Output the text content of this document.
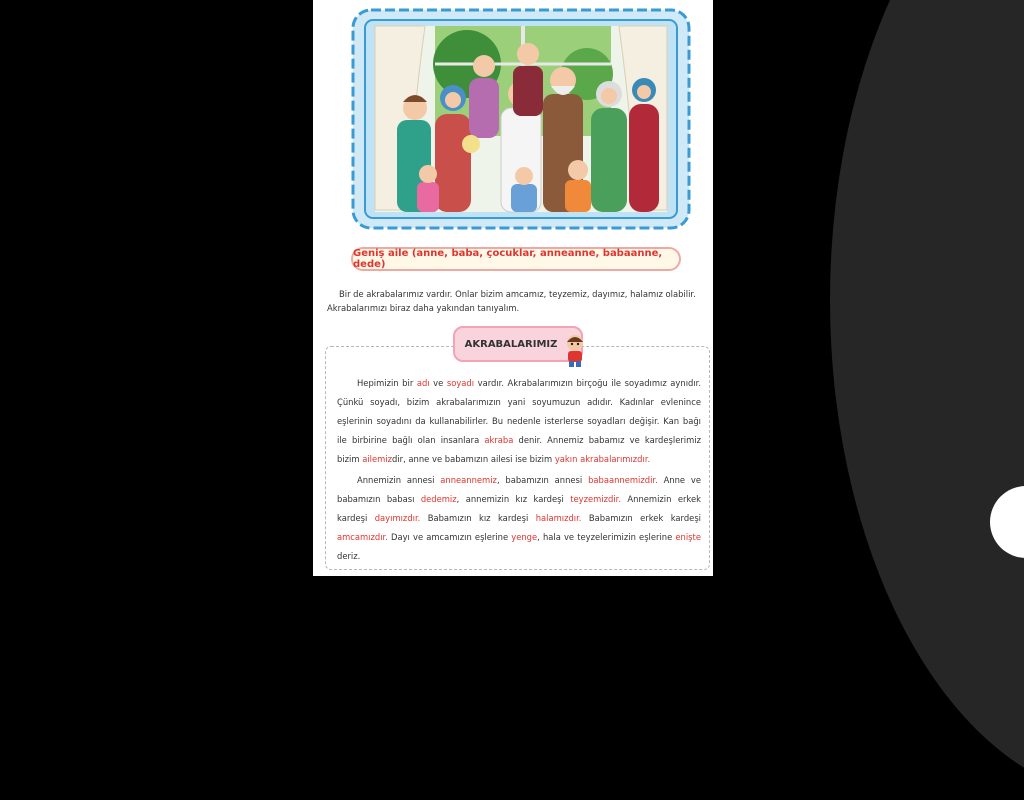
Geniş aile (anne, baba, çocuklar, anneanne, babaanne, dede)

Bir de akrabalarımız vardır. Onlar bizim amcamız, teyzemiz, dayımız, halamız olabilir. Akrabalarımızı biraz daha yakından tanıyalım.

AKRABALARIMIZ

Hepimizin bir adı ve soyadı vardır. Akrabalarımızın birçoğu ile soyadımız aynıdır. Çünkü soyadı, bizim akrabalarımızın yani soyumuzun adıdır. Kadınlar evlenince eşlerinin soyadını da kullanabilirler. Bu nedenle isterlerse soyadları değişir. Kan bağı ile birbirine bağlı olan insanlara akraba denir. Annemiz babamız ve kardeşlerimiz bizim ailemizdir, anne ve babamızın ailesi ise bizim yakın akrabalarımızdır.

Annemizin annesi anneannemiz, babamızın annesi babaannemizdir. Anne ve babamızın babası dedemiz, annemizin kız kardeşi teyzemizdir. Annemizin erkek kardeşi dayımızdır. Babamızın kız kardeşi halamızdır. Babamızın erkek kardeşi amcamızdır. Dayı ve amcamızın eşlerine yenge, hala ve teyzelerimizin eşlerine enişte deriz.
